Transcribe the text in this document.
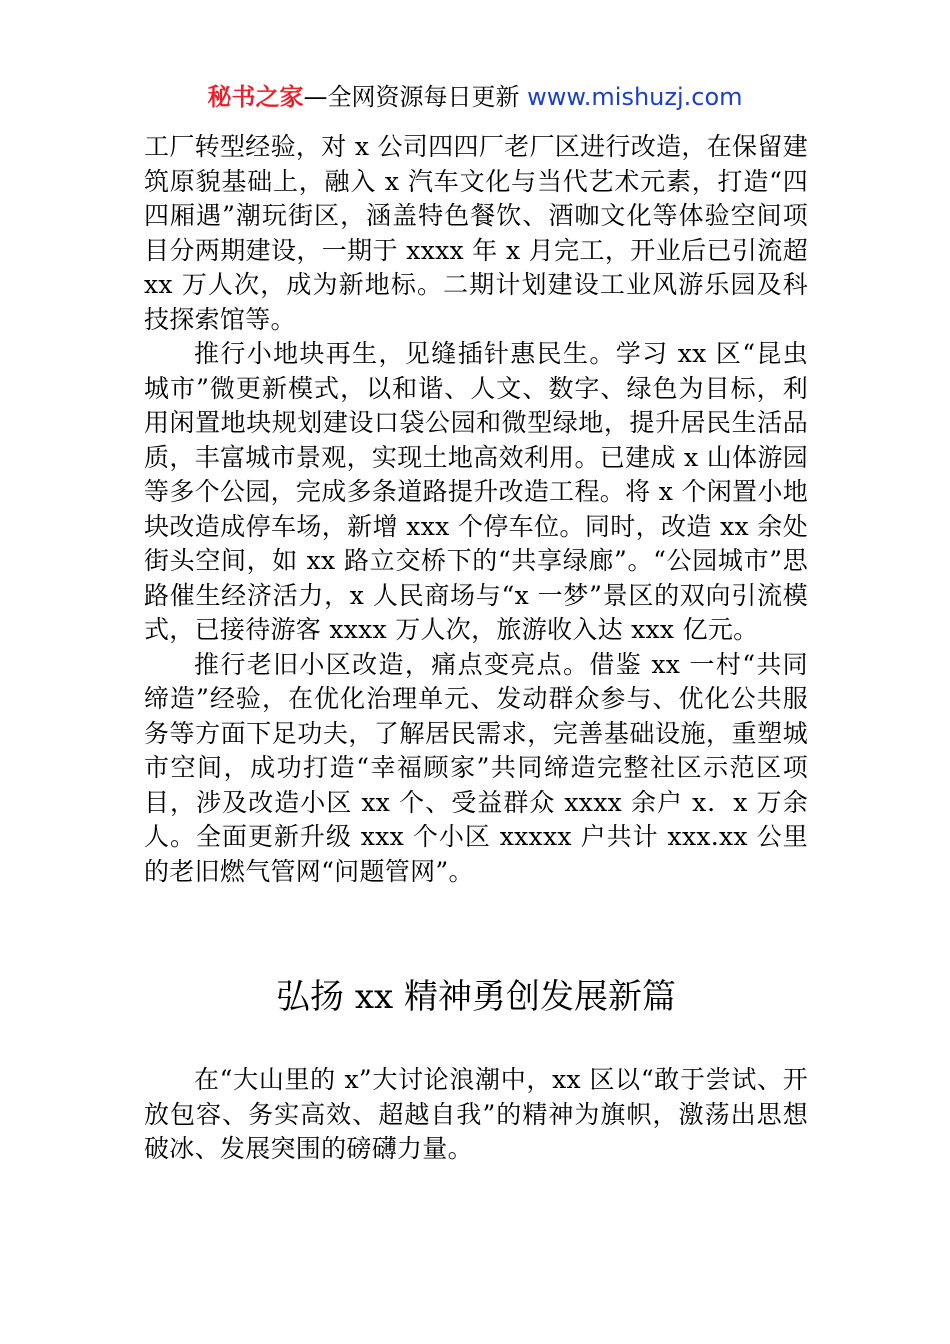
秘书之家—全网资源每日更新 www.mishuzj.com

工厂转型经验，对 x 公司四四厂老厂区进行改造，在保留建筑原貌基础上，融入 x 汽车文化与当代艺术元素，打造“四四厢遇”潮玩街区，涵盖特色餐饮、酒咖文化等体验空间项目分两期建设，一期于 xxxx 年 x 月完工，开业后已引流超 xx 万人次，成为新地标。二期计划建设工业风游乐园及科技探索馆等。

推行小地块再生，见缝插针惠民生。学习 xx 区“昆虫城市”微更新模式，以和谐、人文、数字、绿色为目标，利用闲置地块规划建设口袋公园和微型绿地，提升居民生活品质，丰富城市景观，实现土地高效利用。已建成 x 山体游园等多个公园，完成多条道路提升改造工程。将 x 个闲置小地块改造成停车场，新增 xxx 个停车位。同时，改造 xx 余处街头空间，如 xx 路立交桥下的“共享绿廊”。“公园城市”思路催生经济活力，x 人民商场与“x 一梦”景区的双向引流模式，已接待游客 xxxx 万人次，旅游收入达 xxx 亿元。

推行老旧小区改造，痛点变亮点。借鉴 xx 一村“共同缔造”经验，在优化治理单元、发动群众参与、优化公共服务等方面下足功夫，了解居民需求，完善基础设施，重塑城市空间，成功打造“幸福顾家”共同缔造完整社区示范区项目，涉及改造小区 xx 个、受益群众 xxxx 余户 x．x 万余人。全面更新升级 xxx 个小区 xxxxx 户共计 xxx.xx 公里的老旧燃气管网“问题管网”。

弘扬 xx 精神勇创发展新篇

在“大山里的 x”大讨论浪潮中，xx 区以“敢于尝试、开放包容、务实高效、超越自我”的精神为旗帜，激荡出思想破冰、发展突围的磅礴力量。
